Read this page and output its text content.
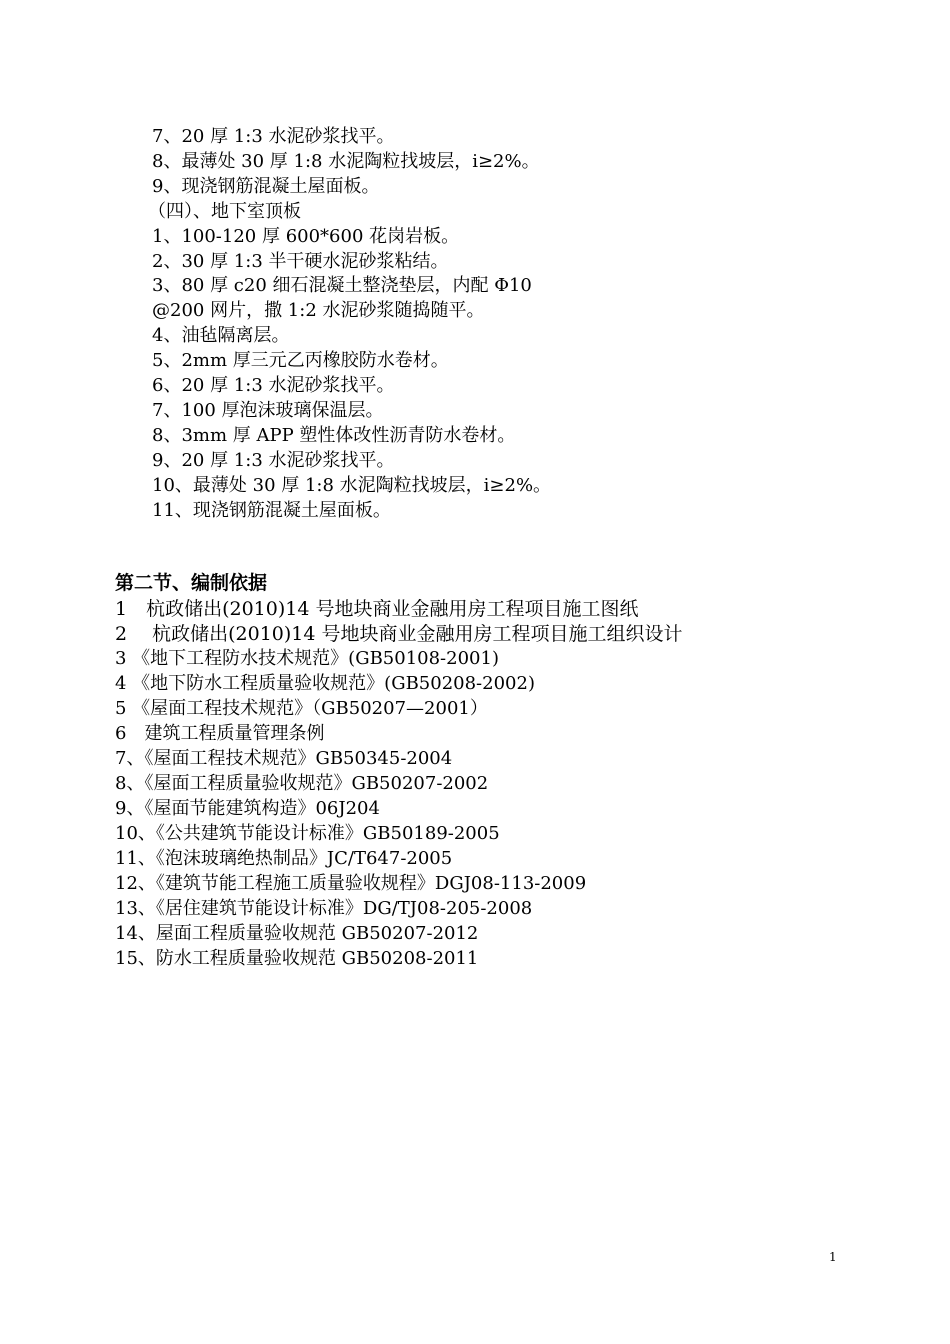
7、20 厚 1:3 水泥砂浆找平。
8、最薄处 30 厚 1:8 水泥陶粒找坡层，i≥2%。
9、现浇钢筋混凝土屋面板。
（四）、地下室顶板
1、100-120 厚 600*600 花岗岩板。
2、30 厚 1:3 半干硬水泥砂浆粘结。
3、80 厚 c20 细石混凝土整浇垫层，内配 Φ10
@200 网片，撒 1:2 水泥砂浆随捣随平。
4、油毡隔离层。
5、2mm 厚三元乙丙橡胶防水卷材。
6、20 厚 1:3 水泥砂浆找平。
7、100 厚泡沫玻璃保温层。
8、3mm 厚 APP 塑性体改性沥青防水卷材。
9、20 厚 1:3 水泥砂浆找平。
10、最薄处 30 厚 1:8 水泥陶粒找坡层，i≥2%。
11、现浇钢筋混凝土屋面板。
第二节、编制依据
1　杭政储出(2010)14 号地块商业金融用房工程项目施工图纸
2　 杭政储出(2010)14 号地块商业金融用房工程项目施工组织设计
3 《地下工程防水技术规范》(GB50108-2001)
4 《地下防水工程质量验收规范》(GB50208-2002)
5 《屋面工程技术规范》（GB50207—2001）
6　建筑工程质量管理条例
7、《屋面工程技术规范》GB50345-2004
8、《屋面工程质量验收规范》GB50207-2002
9、《屋面节能建筑构造》06J204
10、《公共建筑节能设计标准》GB50189-2005
11、《泡沫玻璃绝热制品》JC/T647-2005
12、《建筑节能工程施工质量验收规程》DGJ08-113-2009
13、《居住建筑节能设计标准》DG/TJ08-205-2008
14、屋面工程质量验收规范 GB50207-2012
15、防水工程质量验收规范 GB50208-2011
1
